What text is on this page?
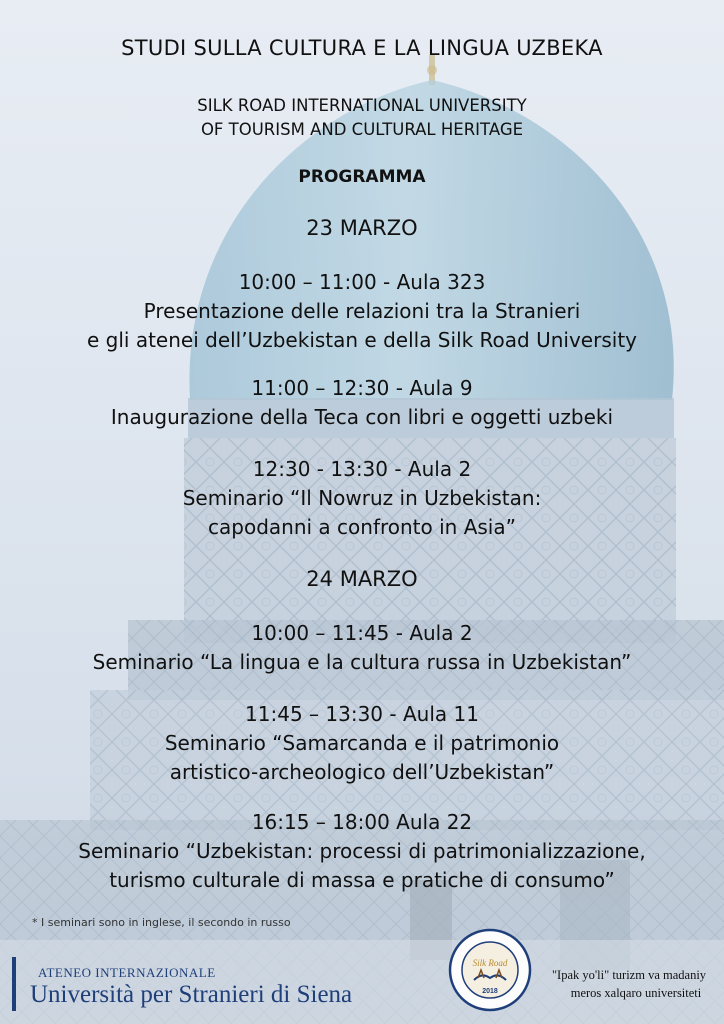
STUDI SULLA CULTURA E LA LINGUA UZBEKA
SILK ROAD INTERNATIONAL UNIVERSITY
OF TOURISM AND CULTURAL HERITAGE
PROGRAMMA
23 MARZO
10:00 – 11:00 - Aula 323
Presentazione delle relazioni tra la Stranieri
e gli atenei dell’Uzbekistan e della Silk Road University
11:00 – 12:30 - Aula 9
Inaugurazione della Teca con libri e oggetti uzbeki
12:30 - 13:30 - Aula 2
Seminario “Il Nowruz in Uzbekistan:
capodanni a confronto in Asia”
24 MARZO
10:00 – 11:45 - Aula 2
Seminario “La lingua e la cultura russa in Uzbekistan”
11:45 – 13:30 - Aula 11
Seminario “Samarcanda e il patrimonio
artistico-archeologico dell’Uzbekistan”
16:15 – 18:00 Aula 22
Seminario “Uzbekistan: processi di patrimonializzazione,
turismo culturale di massa e pratiche di consumo”
* I seminari sono in inglese, il secondo in russo
ATENEO INTERNAZIONALE
Università per Stranieri di Siena
Silk Road
2018
"Ipak yo'li" turizm va madaniy
meros xalqaro universiteti
